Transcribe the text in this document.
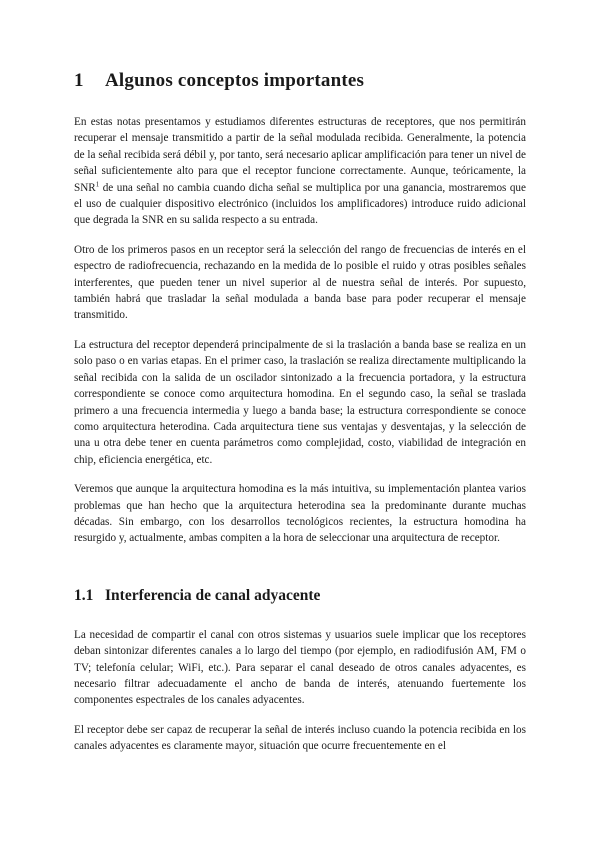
1	Algunos conceptos importantes

En estas notas presentamos y estudiamos diferentes estructuras de receptores, que nos permitirán recuperar el mensaje transmitido a partir de la señal modulada recibida. Generalmente, la potencia de la señal recibida será débil y, por tanto, será necesario aplicar amplificación para tener un nivel de señal suficientemente alto para que el receptor funcione correctamente. Aunque, teóricamente, la SNR$^1$ de una señal no cambia cuando dicha señal se multiplica por una ganancia, mostraremos que el uso de cualquier dispositivo electrónico (incluidos los amplificadores) introduce ruido adicional que degrada la SNR en su salida respecto a su entrada.

Otro de los primeros pasos en un receptor será la selección del rango de frecuencias de interés en el espectro de radiofrecuencia, rechazando en la medida de lo posible el ruido y otras posibles señales interferentes, que pueden tener un nivel superior al de nuestra señal de interés. Por supuesto, también habrá que trasladar la señal modulada a banda base para poder recuperar el mensaje transmitido.

La estructura del receptor dependerá principalmente de si la traslación a banda base se realiza en un solo paso o en varias etapas. En el primer caso, la traslación se realiza directamente multiplicando la señal recibida con la salida de un oscilador sintonizado a la frecuencia portadora, y la estructura correspondiente se conoce como arquitectura homodina. En el segundo caso, la señal se traslada primero a una frecuencia intermedia y luego a banda base; la estructura correspondiente se conoce como arquitectura heterodina. Cada arquitectura tiene sus ventajas y desventajas, y la selección de una u otra debe tener en cuenta parámetros como complejidad, costo, viabilidad de integración en chip, eficiencia energética, etc.

Veremos que aunque la arquitectura homodina es la más intuitiva, su implementación plantea varios problemas que han hecho que la arquitectura heterodina sea la predominante durante muchas décadas. Sin embargo, con los desarrollos tecnológicos recientes, la estructura homodina ha resurgido y, actualmente, ambas compiten a la hora de seleccionar una arquitectura de receptor.

1.1 Interferencia de canal adyacente

La necesidad de compartir el canal con otros sistemas y usuarios suele implicar que los receptores deban sintonizar diferentes canales a lo largo del tiempo (por ejemplo, en radiodifusión AM, FM o TV; telefonía celular; WiFi, etc.). Para separar el canal deseado de otros canales adyacentes, es necesario filtrar adecuadamente el ancho de banda de interés, atenuando fuertemente los componentes espectrales de los canales adyacentes.

El receptor debe ser capaz de recuperar la señal de interés incluso cuando la potencia recibida en los canales adyacentes es claramente mayor, situación que ocurre frecuentemente en el
